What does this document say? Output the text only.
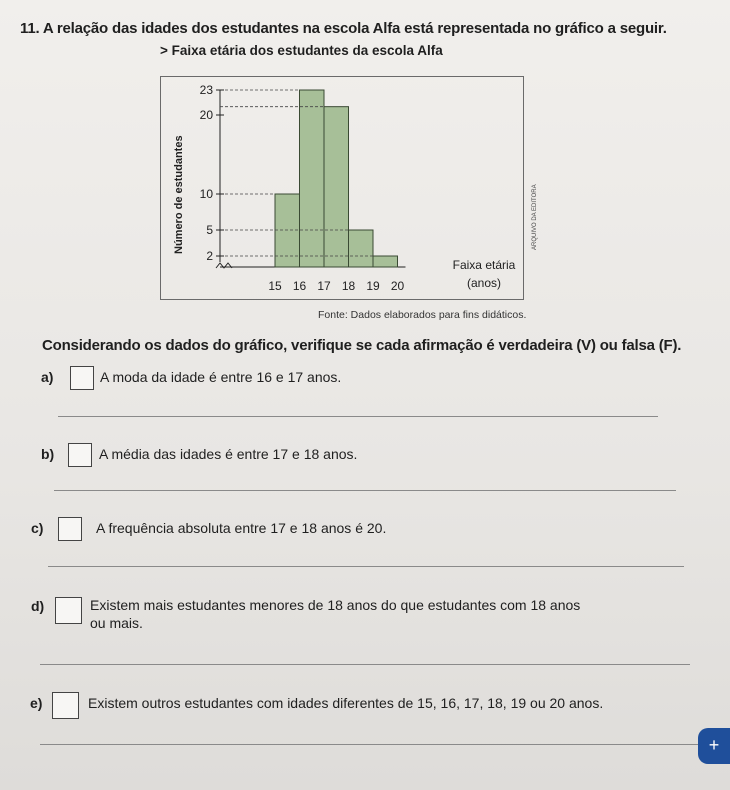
11. A relação das idades dos estudantes na escola Alfa está representada no gráfico a seguir.
> Faixa etária dos estudantes da escola Alfa
Número de estudantes
Faixa etária
(anos)
2
5
10
20
23
15 16 17 18 19 20
Fonte: Dados elaborados para fins didáticos.
ARQUIVO DA EDITORA
Considerando os dados do gráfico, verifique se cada afirmação é verdadeira (V) ou falsa (F).
a)	A moda da idade é entre 16 e 17 anos.
b)	A média das idades é entre 17 e 18 anos.
c)	A frequência absoluta entre 17 e 18 anos é 20.
d)	Existem mais estudantes menores de 18 anos do que estudantes com 18 anos
ou mais.
e)	Existem outros estudantes com idades diferentes de 15, 16, 17, 18, 19 ou 20 anos.
+
